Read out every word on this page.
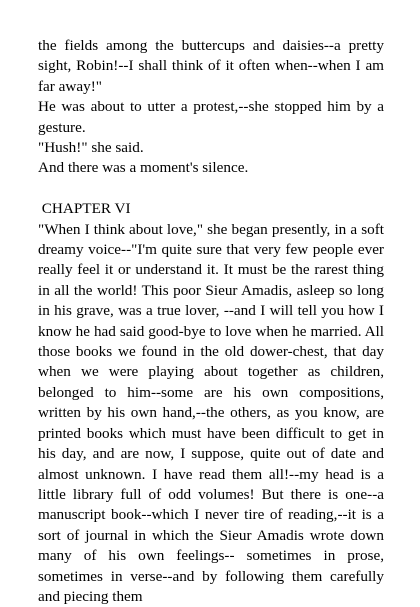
the fields among the buttercups and daisies--a pretty sight, Robin!--I shall think of it often when--when I am far away!"

He was about to utter a protest,--she stopped him by a gesture.

"Hush!" she said.

And there was a moment's silence.

CHAPTER VI

"When I think about love," she began presently, in a soft dreamy voice--"I'm quite sure that very few people ever really feel it or understand it. It must be the rarest thing in all the world! This poor Sieur Amadis, asleep so long in his grave, was a true lover, --and I will tell you how I know he had said good-bye to love when he married. All those books we found in the old dower-chest, that day when we were playing about together as children, belonged to him--some are his own compositions, written by his own hand,--the others, as you know, are printed books which must have been difficult to get in his day, and are now, I suppose, quite out of date and almost unknown. I have read them all!--my head is a little library full of odd volumes! But there is one--a manuscript book--which I never tire of reading,--it is a sort of journal in which the Sieur Amadis wrote down many of his own feelings-- sometimes in prose, sometimes in verse--and by following them carefully and piecing them
